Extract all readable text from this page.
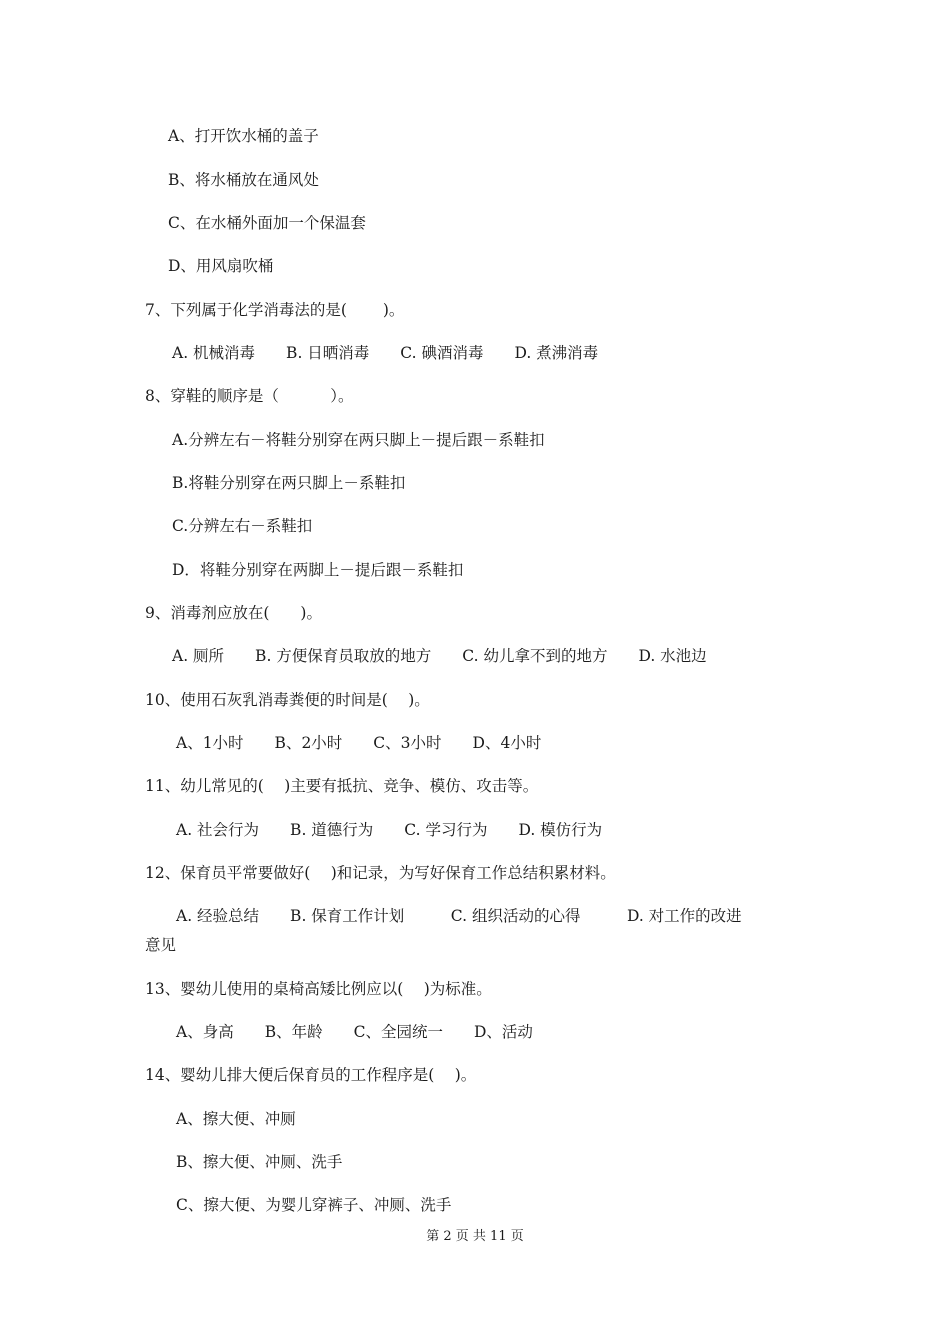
A、打开饮水桶的盖子
B、将水桶放在通风处
C、在水桶外面加一个保温套
D、用风扇吹桶
7、下列属于化学消毒法的是(　　 )。
A. 机械消毒　　B. 日晒消毒　　C. 碘酒消毒　　D. 煮沸消毒
8、穿鞋的顺序是（　　　 ）。
A.分辨左右－将鞋分别穿在两只脚上－提后跟－系鞋扣
B.将鞋分别穿在两只脚上－系鞋扣
C.分辨左右－系鞋扣
D．将鞋分别穿在两脚上－提后跟－系鞋扣
9、消毒剂应放在(　　)。
A. 厕所　　B. 方便保育员取放的地方　　C. 幼儿拿不到的地方　　D. 水池边
10、使用石灰乳消毒粪便的时间是(　 )。
A、1小时　　B、2小时　　C、3小时　　D、4小时
11、幼儿常见的(　 )主要有抵抗、竞争、模仿、攻击等。
A. 社会行为　　B. 道德行为　　C. 学习行为　　D. 模仿行为
12、保育员平常要做好(　 )和记录，为写好保育工作总结积累材料。
A. 经验总结　　B. 保育工作计划　　　C. 组织活动的心得　　　D. 对工作的改进
意见
13、婴幼儿使用的桌椅高矮比例应以(　 )为标准。
A、身高　　B、年龄　　C、全园统一　　D、活动
14、婴幼儿排大便后保育员的工作程序是(　 )。
A、擦大便、冲厕
B、擦大便、冲厕、洗手
C、擦大便、为婴儿穿裤子、冲厕、洗手
第 2 页 共 11 页
